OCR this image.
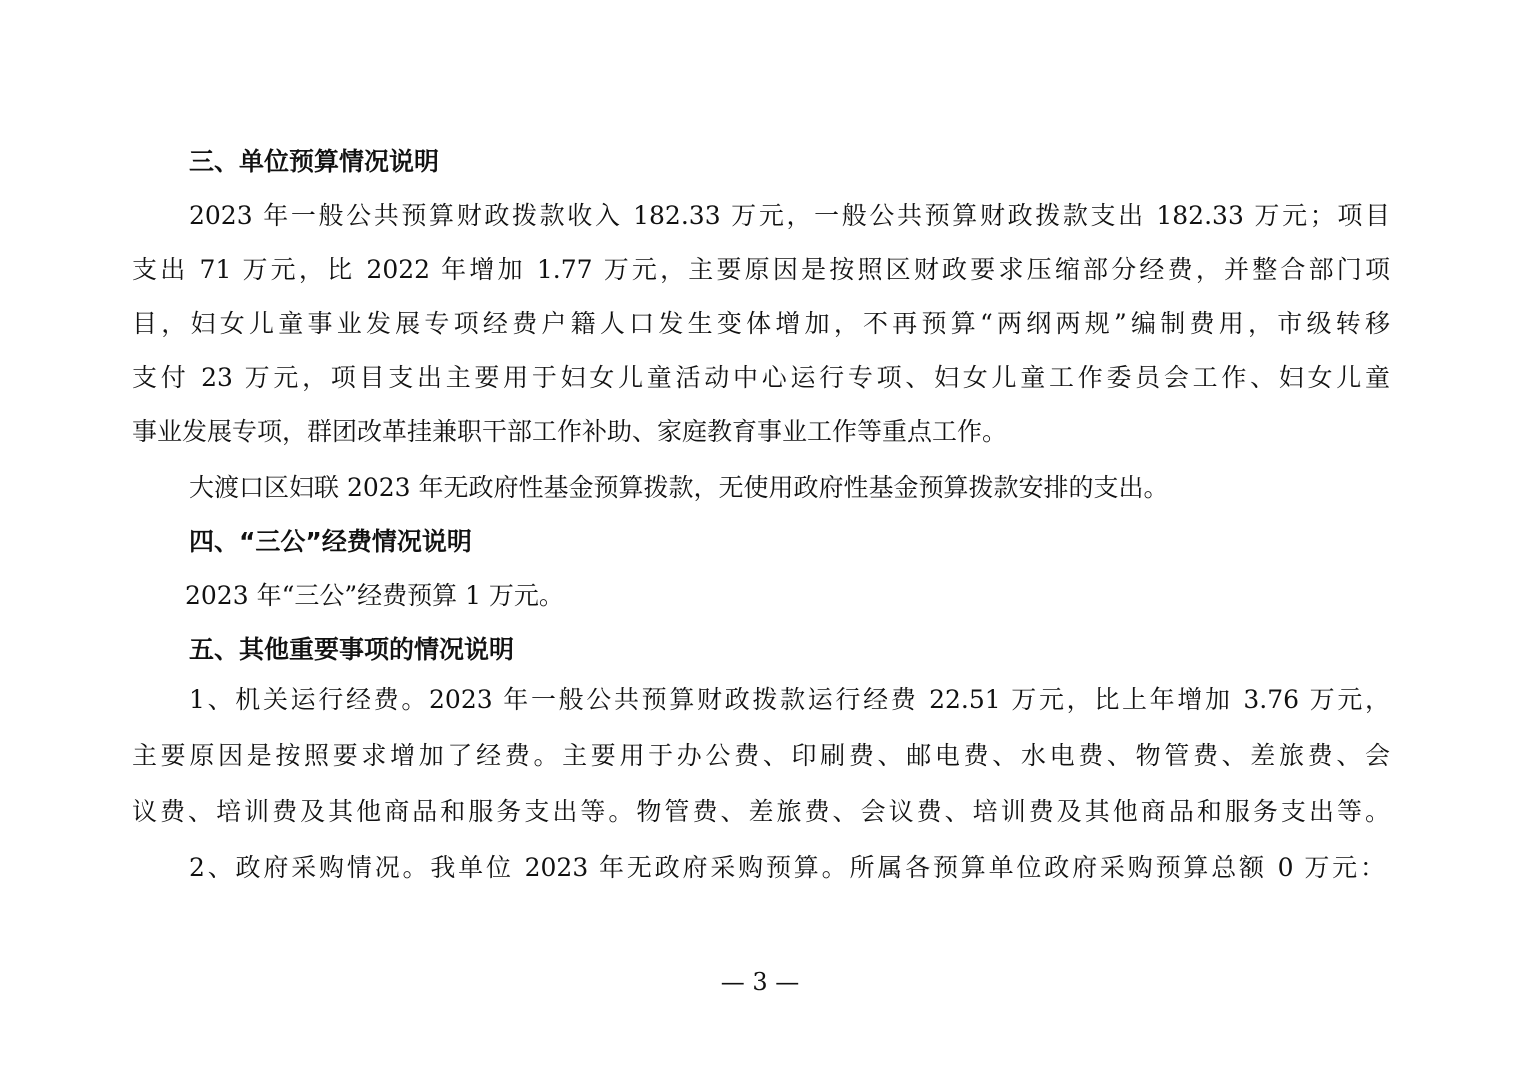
三、单位预算情况说明
2023 年一般公共预算财政拨款收入 182.33 万元，一般公共预算财政拨款支出 182.33 万元；项目
支出 71 万元，比 2022 年增加 1.77 万元，主要原因是按照区财政要求压缩部分经费，并整合部门项
目，妇女儿童事业发展专项经费户籍人口发生变体增加，不再预算“两纲两规”编制费用，市级转移
支付 23 万元，项目支出主要用于妇女儿童活动中心运行专项、妇女儿童工作委员会工作、妇女儿童
事业发展专项，群团改革挂兼职干部工作补助、家庭教育事业工作等重点工作。
大渡口区妇联 2023 年无政府性基金预算拨款，无使用政府性基金预算拨款安排的支出。
四、“三公”经费情况说明
2023 年“三公”经费预算 1 万元。
五、其他重要事项的情况说明
1、机关运行经费。2023 年一般公共预算财政拨款运行经费 22.51 万元，比上年增加 3.76 万元，
主要原因是按照要求增加了经费。主要用于办公费、印刷费、邮电费、水电费、物管费、差旅费、会
议费、培训费及其他商品和服务支出等。物管费、差旅费、会议费、培训费及其他商品和服务支出等。
2、政府采购情况。我单位 2023 年无政府采购预算。所属各预算单位政府采购预算总额 0 万元：
— 3 —
